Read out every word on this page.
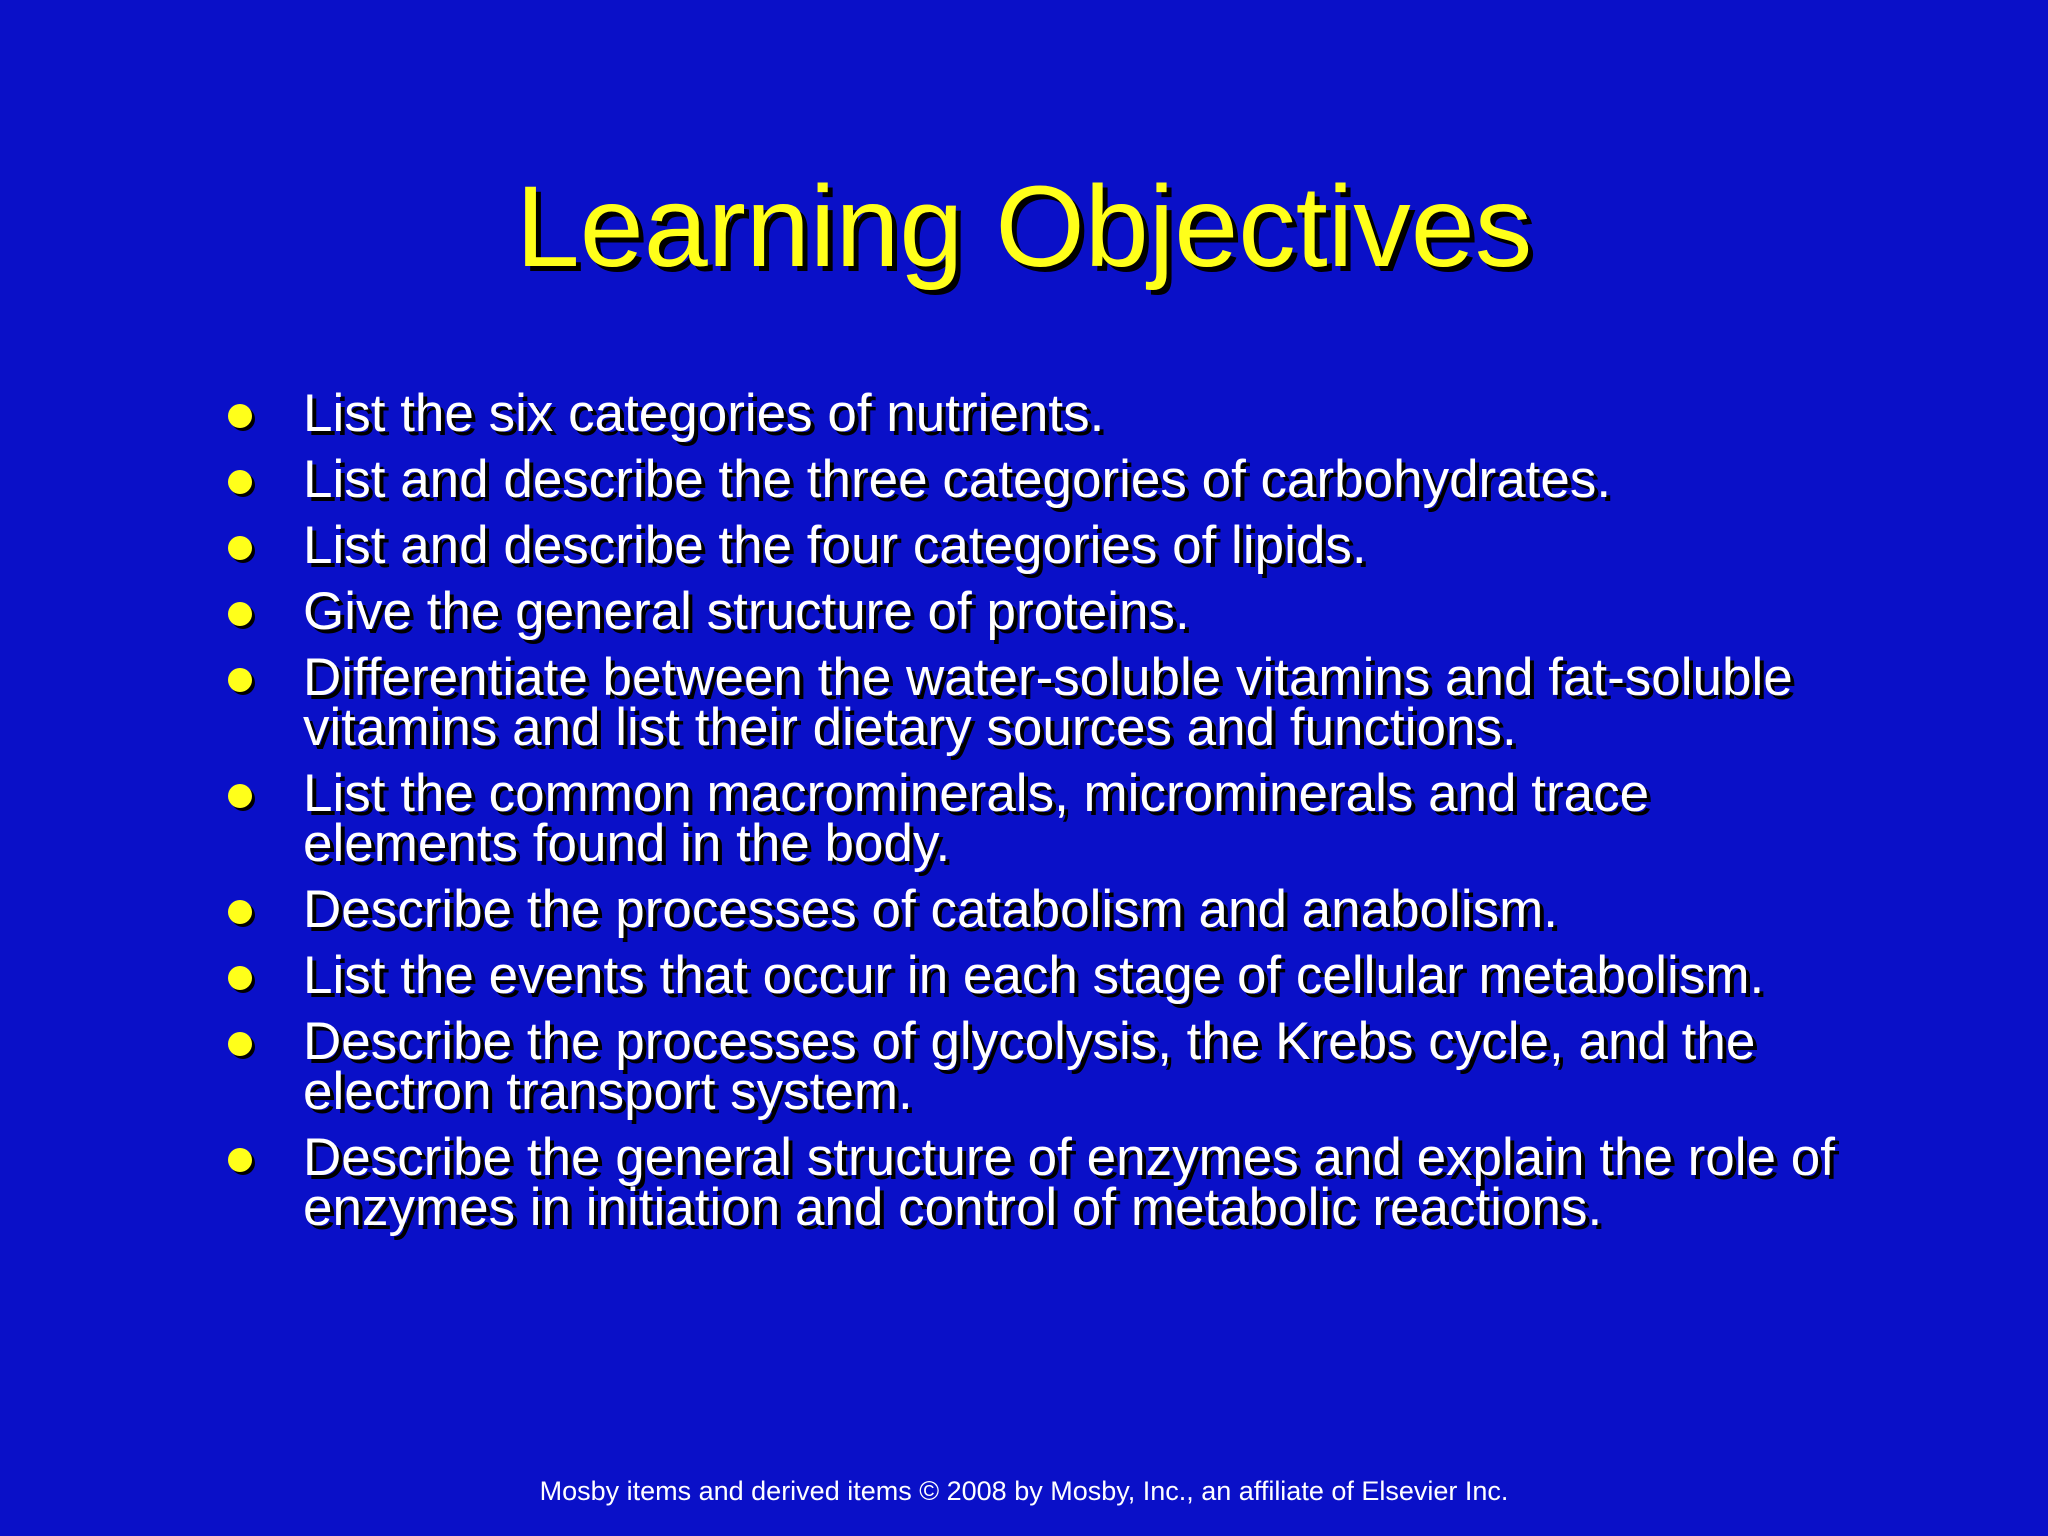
Learning Objectives
List the six categories of nutrients.
List and describe the three categories of carbohydrates.
List and describe the four categories of lipids.
Give the general structure of proteins.
Differentiate between the water-soluble vitamins and fat-soluble vitamins and list their dietary sources and functions.
List the common macrominerals, microminerals and trace elements found in the body.
Describe the processes of catabolism and anabolism.
List the events that occur in each stage of cellular metabolism.
Describe the processes of glycolysis, the Krebs cycle, and the electron transport system.
Describe the general structure of enzymes and explain the role of enzymes in initiation and control of metabolic reactions.
Mosby items and derived items © 2008 by Mosby, Inc., an affiliate of Elsevier Inc.
